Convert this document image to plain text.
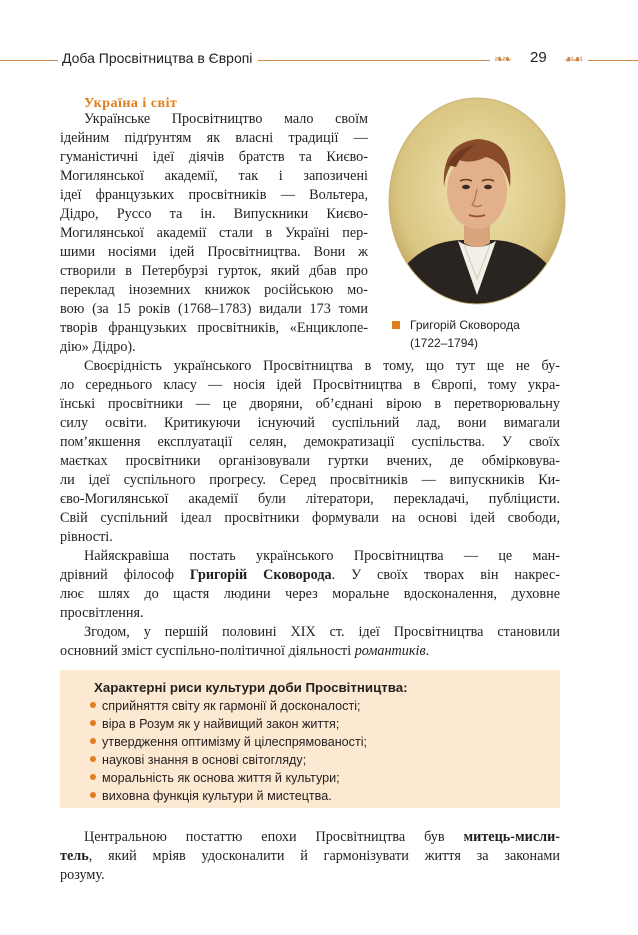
Доба Просвітництва в Європі	❧❧ 29 ☙☙
Україна і світ
Українське Просвітництво мало своїм
ідейним підґрунтям як власні традиції —
гуманістичні ідеї діячів братств та Києво-
Могилянської академії, так і запозичені
ідеї французьких просвітників — Вольтера,
Дідро, Руссо та ін. Випускники Києво-
Могилянської академії стали в Україні пер-
шими носіями ідей Просвітництва. Вони ж
створили в Петербурзі гурток, який дбав про
переклад іноземних книжок російською мо-
вою (за 15 років (1768–1783) видали 173 томи
творів французьких просвітників, «Енциклопе-
дію» Дідро).
Григорій Сковорода
(1722–1794)
Своєрідність українського Просвітництва в тому, що тут ще не бу-
ло середнього класу — носія ідей Просвітництва в Європі, тому укра-
їнські просвітники — це дворяни, об’єднані вірою в перетворювальну
силу освіти. Критикуючи існуючий суспільний лад, вони вимагали
пом’якшення експлуатації селян, демократизації суспільства. У своїх
маєтках просвітники організовували гуртки вчених, де обмірковува-
ли ідеї суспільного прогресу. Серед просвітників — випускників Ки-
єво-Могилянської академії були літератори, перекладачі, публіцисти.
Свій суспільний ідеал просвітники формували на основі ідей свободи,
рівності.
Найяскравіша постать українського Просвітництва — це ман-
дрівний філософ Григорій Сковорода. У своїх творах він накрес-
лює шлях до щастя людини через моральне вдосконалення, духовне
просвітлення.
Згодом, у першій половині XIX ст. ідеї Просвітництва становили
основний зміст суспільно-політичної діяльності романтиків.
Характерні риси культури доби Просвітництва:
сприйняття світу як гармонії й досконалості;
віра в Розум як у найвищий закон життя;
утвердження оптимізму й цілеспрямованості;
наукові знання в основі світогляду;
моральність як основа життя й культури;
виховна функція культури й мистецтва.
Центральною постаттю епохи Просвітництва був митець-мисли-
тель, який мріяв удосконалити й гармонізувати життя за законами
розуму.
